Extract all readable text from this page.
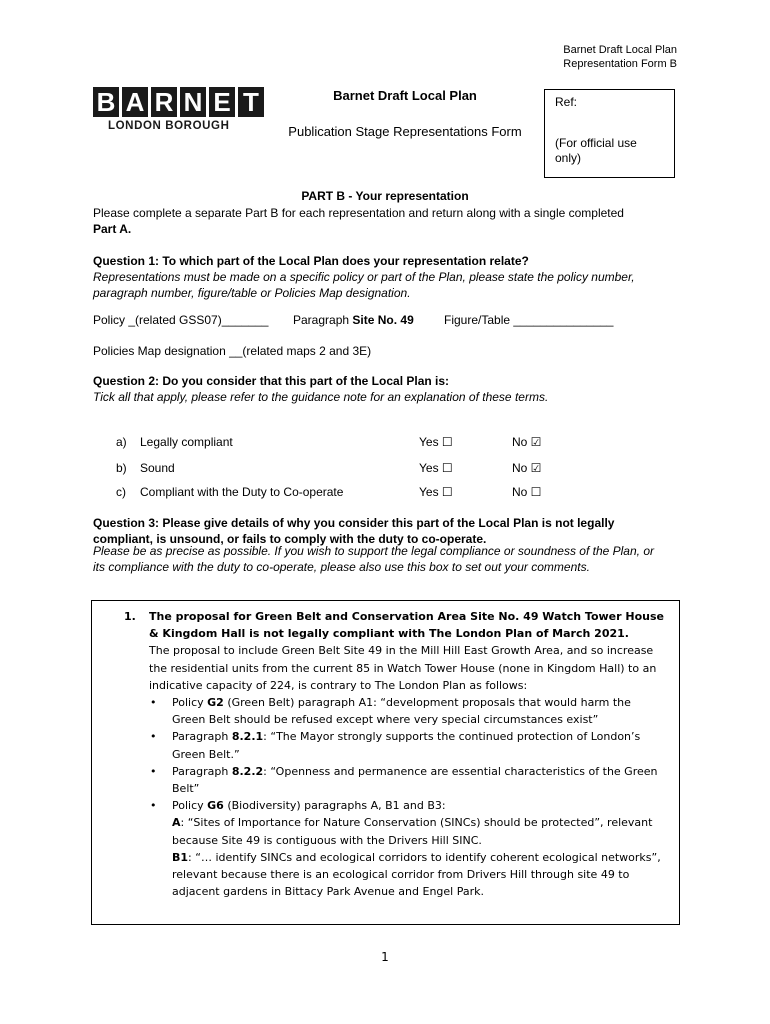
Barnet Draft Local Plan
Representation Form B
B A R N E T
LONDON BOROUGH
Barnet Draft Local Plan
Publication Stage Representations Form
Ref:
(For official use only)
PART B - Your representation
Please complete a separate Part B for each representation and return along with a single completed
Part A.
Question 1: To which part of the Local Plan does your representation relate?
Representations must be made on a specific policy or part of the Plan, please state the policy number, paragraph number, figure/table or Policies Map designation.
Policy _(related GSS07)_______ Paragraph Site No. 49	Figure/Table _______________
Policies Map designation __(related maps 2 and 3E)
Question 2: Do you consider that this part of the Local Plan is:
Tick all that apply, please refer to the guidance note for an explanation of these terms.
a) Legally compliant	Yes ☐	No ☑
b) Sound	Yes ☐	No ☑
c) Compliant with the Duty to Co-operate	Yes ☐	No ☐
Question 3: Please give details of why you consider this part of the Local Plan is not legally compliant, is unsound, or fails to comply with the duty to co-operate.
Please be as precise as possible. If you wish to support the legal compliance or soundness of the Plan, or its compliance with the duty to co-operate, please also use this box to set out your comments.
1.	The proposal for Green Belt and Conservation Area Site No. 49 Watch Tower House & Kingdom Hall is not legally compliant with The London Plan of March 2021.
The proposal to include Green Belt Site 49 in the Mill Hill East Growth Area, and so increase the residential units from the current 85 in Watch Tower House (none in Kingdom Hall) to an indicative capacity of 224, is contrary to The London Plan as follows:
• Policy G2 (Green Belt) paragraph A1: “development proposals that would harm the Green Belt should be refused except where very special circumstances exist”
• Paragraph 8.2.1: “The Mayor strongly supports the continued protection of London’s Green Belt.”
• Paragraph 8.2.2: “Openness and permanence are essential characteristics of the Green Belt”
• Policy G6 (Biodiversity) paragraphs A, B1 and B3:
A: “Sites of Importance for Nature Conservation (SINCs) should be protected”, relevant because Site 49 is contiguous with the Drivers Hill SINC.
B1: “… identify SINCs and ecological corridors to identify coherent ecological networks”, relevant because there is an ecological corridor from Drivers Hill through site 49 to adjacent gardens in Bittacy Park Avenue and Engel Park.
1
